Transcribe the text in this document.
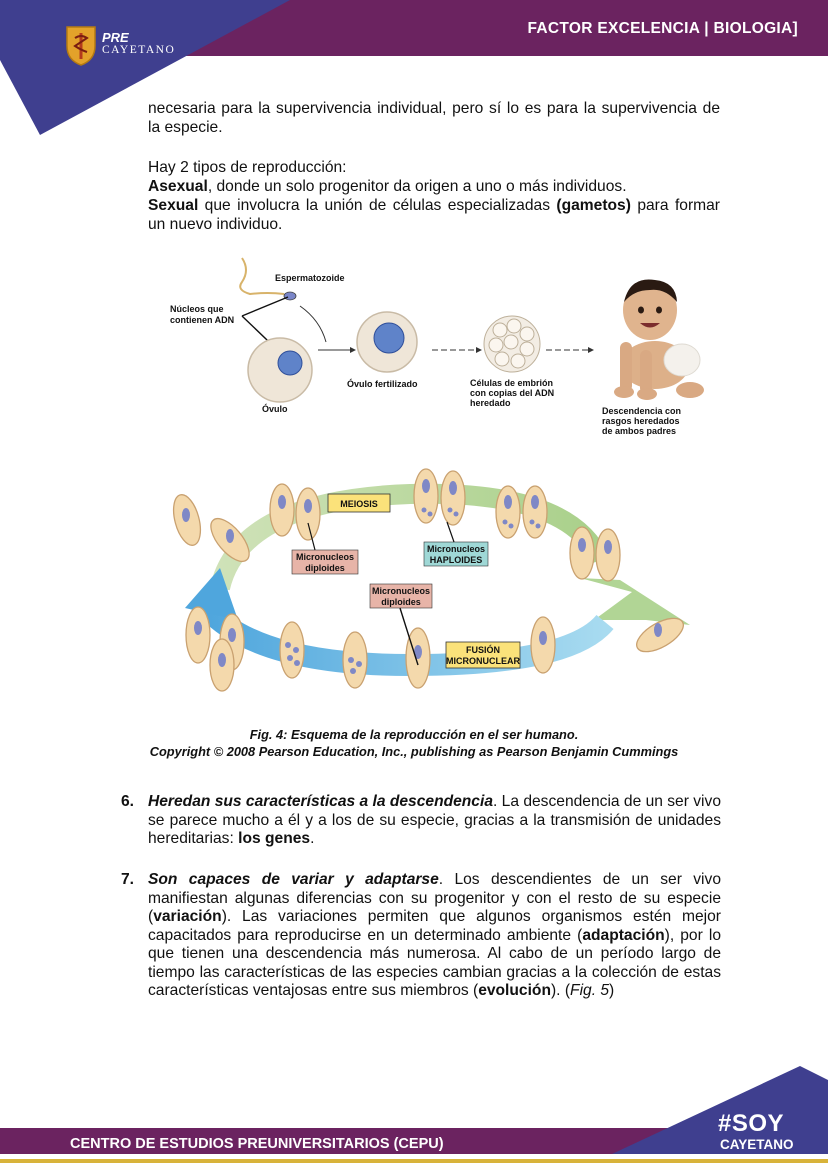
PRE
CAYETANO
FACTOR EXCELENCIA | BIOLOGIA]
necesaria para la supervivencia individual, pero sí lo es para la supervivencia de la especie.
Hay 2 tipos de reproducción:
Asexual, donde un solo progenitor da origen a uno o más individuos.
Sexual que involucra la unión de células especializadas (gametos) para formar un nuevo individuo.
Espermatozoide
Núcleos que
contienen ADN
Óvulo
Óvulo fertilizado	Células de embrión
con copias del ADN
heredado
Descendencia con
rasgos heredados
de ambos padres
MEIOSIS
Micronucleos
diploides
Micronucleos
HAPLOIDES
Micronucleos
diploides
FUSIÓN
MICRONUCLEAR
Fig. 4: Esquema de la reproducción en el ser humano.
Copyright © 2008 Pearson Education, Inc., publishing as Pearson Benjamin Cummings
6. Heredan sus características a la descendencia. La descendencia de un ser vivo se parece mucho a él y a los de su especie, gracias a la transmisión de unidades hereditarias: los genes.
7. Son capaces de variar y adaptarse. Los descendientes de un ser vivo manifiestan algunas diferencias con su progenitor y con el resto de su especie (variación). Las variaciones permiten que algunos organismos estén mejor capacitados para reproducirse en un determinado ambiente (adaptación), por lo que tienen una descendencia más numerosa. Al cabo de un período largo de tiempo las características de las especies cambian gracias a la colección de estas características ventajosas entre sus miembros (evolución). (Fig. 5)
CENTRO DE ESTUDIOS PREUNIVERSITARIOS (CEPU)
#SOY
CAYETANO
